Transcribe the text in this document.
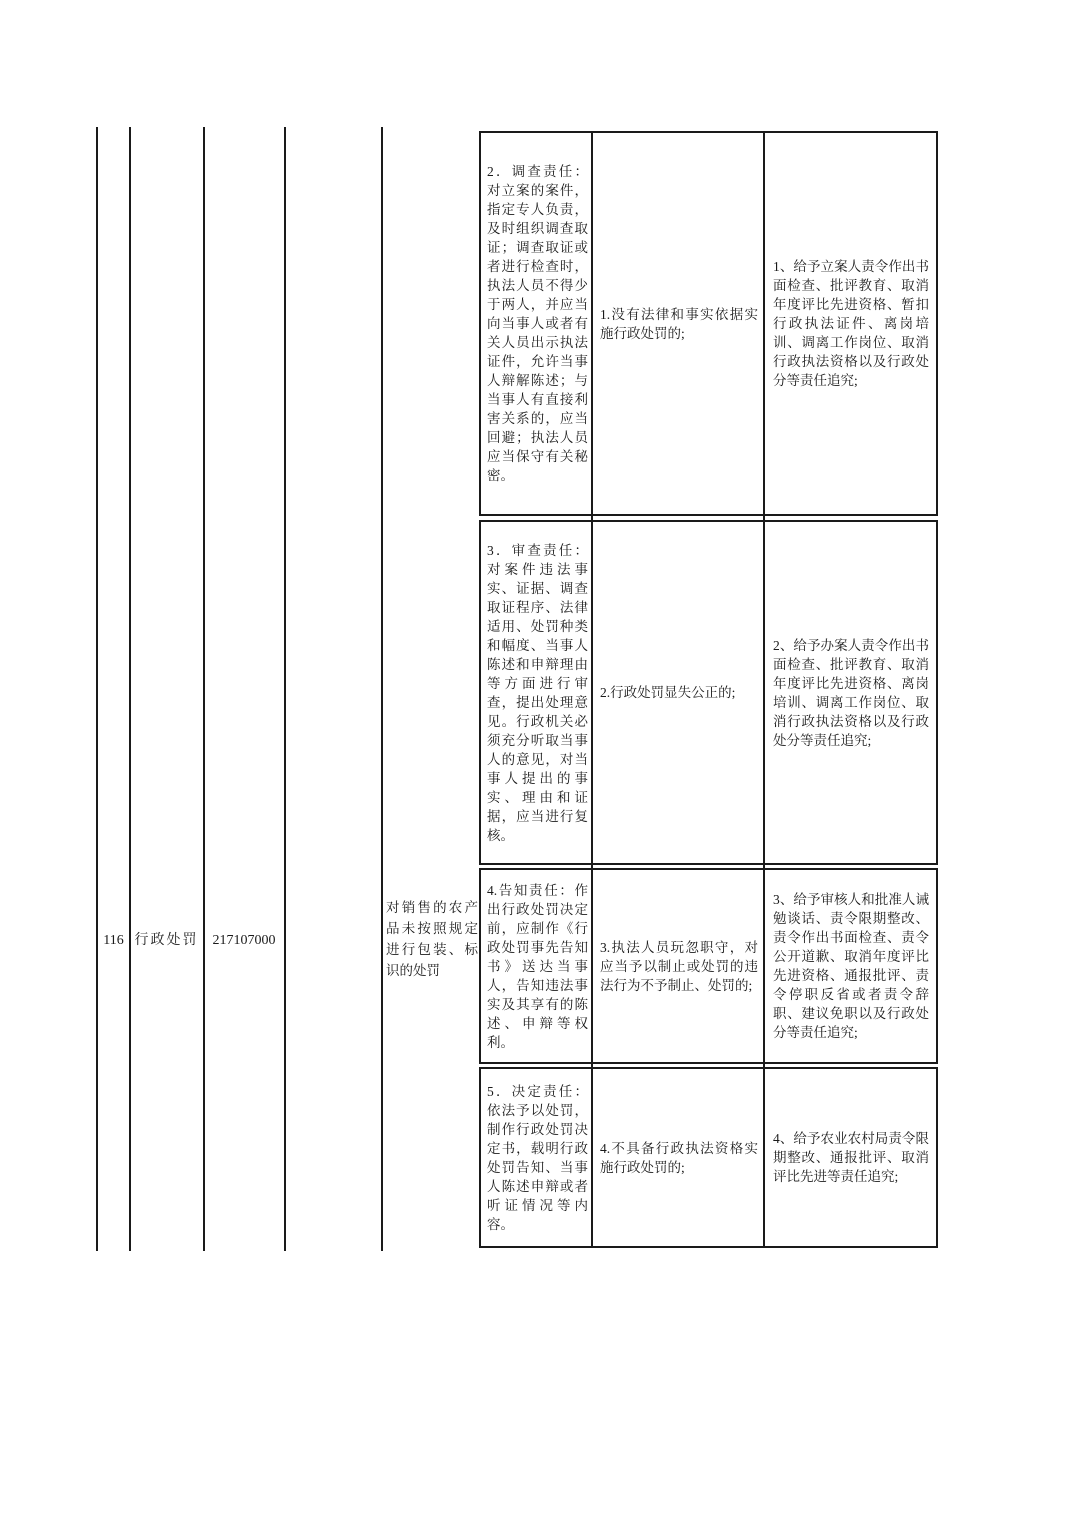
116 行政处罚	217107000
对销售的农产品未按照规定进行包装、标识的处罚
2．调查责任：对立案的案件，指定专人负责，及时组织调查取证；调查取证或者进行检查时，执法人员不得少于两人，并应当向当事人或者有关人员出示执法证件，允许当事人辩解陈述；与当事人有直接利害关系的，应当回避；执法人员应当保守有关秘密。
1.没有法律和事实依据实施行政处罚的;
1、给予立案人责令作出书面检查、批评教育、取消年度评比先进资格、暂扣行政执法证件、离岗培训、调离工作岗位、取消行政执法资格以及行政处分等责任追究;
3．审查责任：对案件违法事实、证据、调查取证程序、法律适用、处罚种类和幅度、当事人陈述和申辩理由等方面进行审查，提出处理意见。行政机关必须充分听取当事人的意见，对当事人提出的事实、理由和证据，应当进行复核。
2.行政处罚显失公正的;
2、给予办案人责令作出书面检查、批评教育、取消年度评比先进资格、离岗培训、调离工作岗位、取消行政执法资格以及行政处分等责任追究;
4.告知责任：作出行政处罚决定前，应制作《行政处罚事先告知书》送达当事人，告知违法事实及其享有的陈述、申辩等权利。
3.执法人员玩忽职守，对应当予以制止或处罚的违法行为不予制止、处罚的;
3、给予审核人和批准人诫勉谈话、责令限期整改、责令作出书面检查、责令公开道歉、取消年度评比先进资格、通报批评、责令停职反省或者责令辞职、建议免职以及行政处分等责任追究;
5．决定责任：依法予以处罚，制作行政处罚决定书，载明行政处罚告知、当事人陈述申辩或者听证情况等内容。
4.不具备行政执法资格实施行政处罚的;
4、给予农业农村局责令限期整改、通报批评、取消评比先进等责任追究;
